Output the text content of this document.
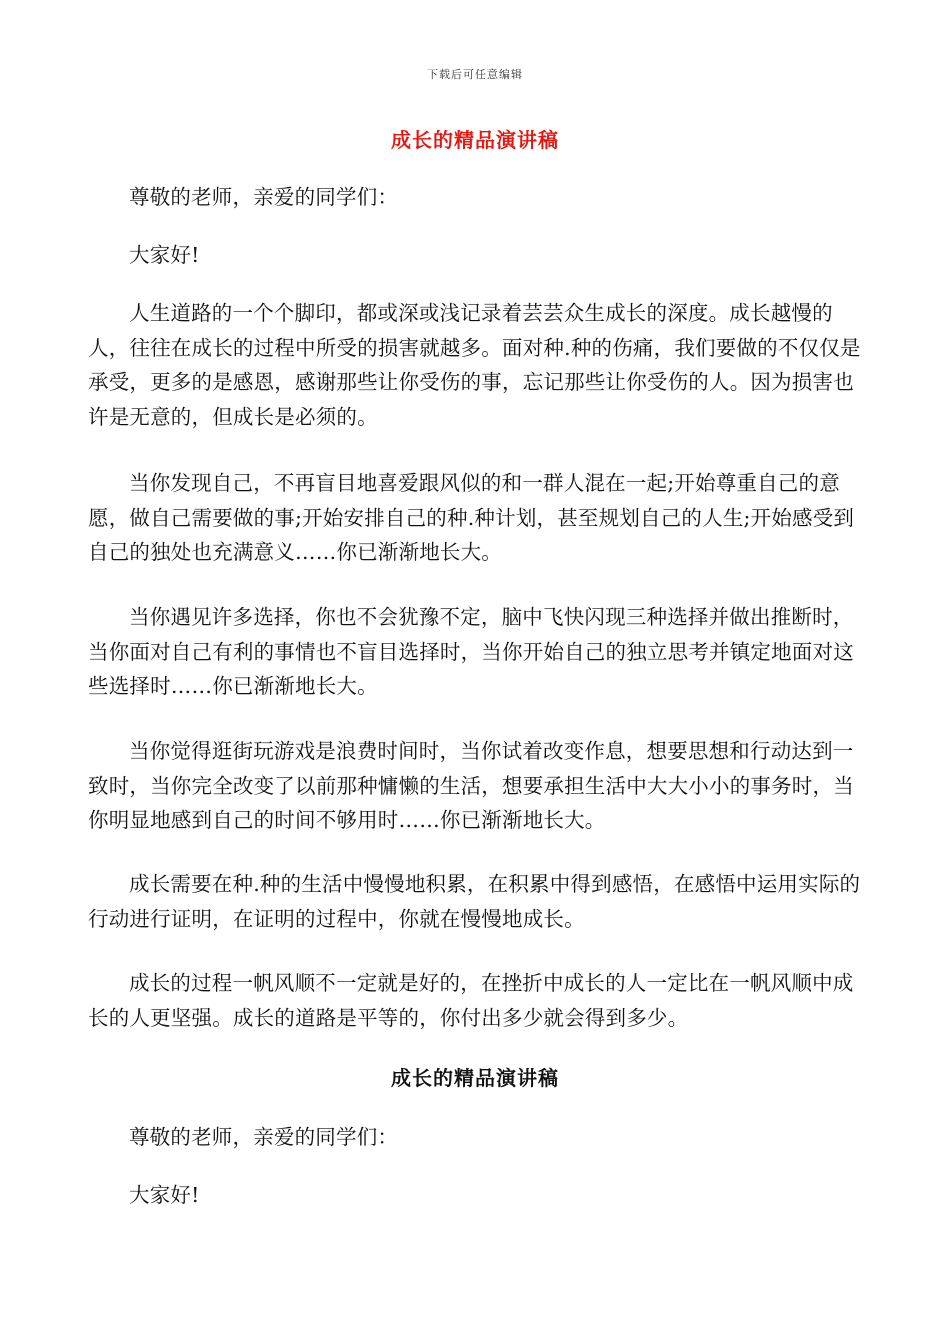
下载后可任意编辑
成长的精品演讲稿

尊敬的老师，亲爱的同学们：

大家好!

人生道路的一个个脚印，都或深或浅记录着芸芸众生成长的深度。成长越慢的人，往往在成长的过程中所受的损害就越多。面对种.种的伤痛，我们要做的不仅仅是承受，更多的是感恩，感谢那些让你受伤的事，忘记那些让你受伤的人。因为损害也许是无意的，但成长是必须的。

当你发现自己，不再盲目地喜爱跟风似的和一群人混在一起;开始尊重自己的意愿，做自己需要做的事;开始安排自己的种.种计划，甚至规划自己的人生;开始感受到自己的独处也充满意义……你已渐渐地长大。

当你遇见许多选择，你也不会犹豫不定，脑中飞快闪现三种选择并做出推断时，当你面对自己有利的事情也不盲目选择时，当你开始自己的独立思考并镇定地面对这些选择时……你已渐渐地长大。

当你觉得逛街玩游戏是浪费时间时，当你试着改变作息，想要思想和行动达到一致时，当你完全改变了以前那种慵懒的生活，想要承担生活中大大小小的事务时，当你明显地感到自己的时间不够用时……你已渐渐地长大。

成长需要在种.种的生活中慢慢地积累，在积累中得到感悟，在感悟中运用实际的行动进行证明，在证明的过程中，你就在慢慢地成长。

成长的过程一帆风顺不一定就是好的，在挫折中成长的人一定比在一帆风顺中成长的人更坚强。成长的道路是平等的，你付出多少就会得到多少。

成长的精品演讲稿

尊敬的老师，亲爱的同学们：

大家好!
